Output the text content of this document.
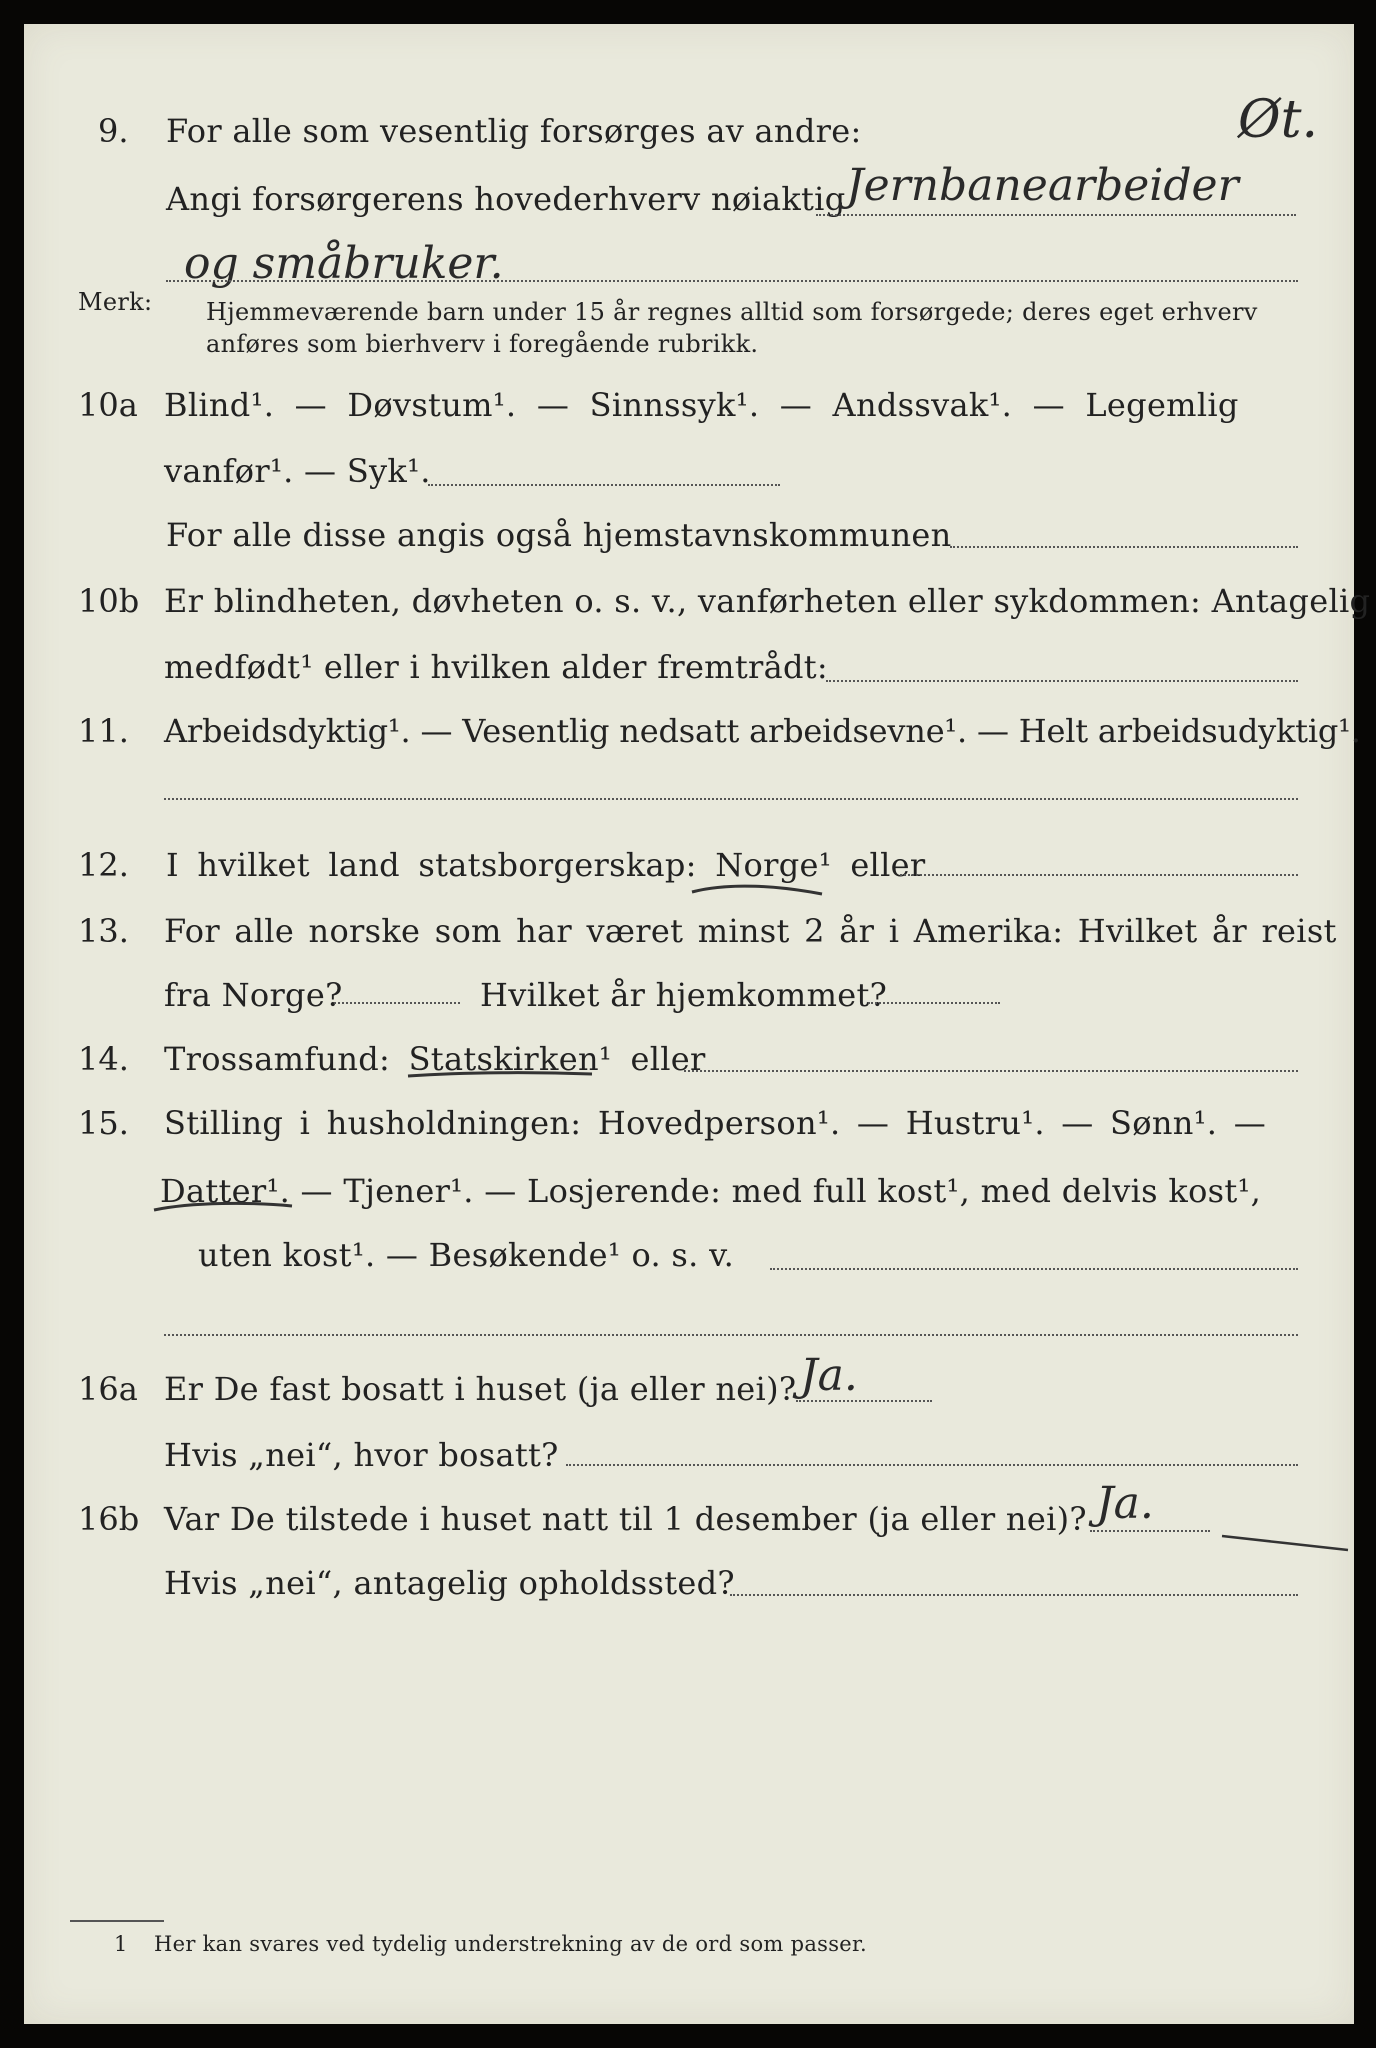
9. For alle som vesentlig forsørges av andre:	Øt.
Angi forsørgerens hovederhverv nøiaktig Jernbanearbeider
og småbruker.
Merk: Hjemmeværende barn under 15 år regnes alltid som forsørgede; deres eget erhverv
anføres som bierhverv i foregående rubrikk.
10a Blind¹. — Døvstum¹. — Sinnssyk¹. — Andssvak¹. — Legemlig
vanfør¹. — Syk¹.
For alle disse angis også hjemstavnskommunen
10b Er blindheten, døvheten o. s. v., vanførheten eller sykdommen: Antagelig
medfødt¹ eller i hvilken alder fremtrådt:
11. Arbeidsdyktig¹. — Vesentlig nedsatt arbeidsevne¹. — Helt arbeidsudyktig¹.
12. I hvilket land statsborgerskap: Norge¹ eller
13. For alle norske som har været minst 2 år i Amerika: Hvilket år reist
fra Norge?	Hvilket år hjemkommet?
14. Trossamfund: Statskirken¹ eller
15. Stilling i husholdningen: Hovedperson¹. — Hustru¹. — Sønn¹. —
Datter¹. — Tjener¹. — Losjerende: med full kost¹, med delvis kost¹,
uten kost¹. — Besøkende¹ o. s. v.
16a Er De fast bosatt i huset (ja eller nei)? Ja.
Hvis „nei“, hvor bosatt?
16b Var De tilstede i huset natt til 1 desember (ja eller nei)? Ja.
Hvis „nei“, antagelig opholdssted?
1 Her kan svares ved tydelig understrekning av de ord som passer.
